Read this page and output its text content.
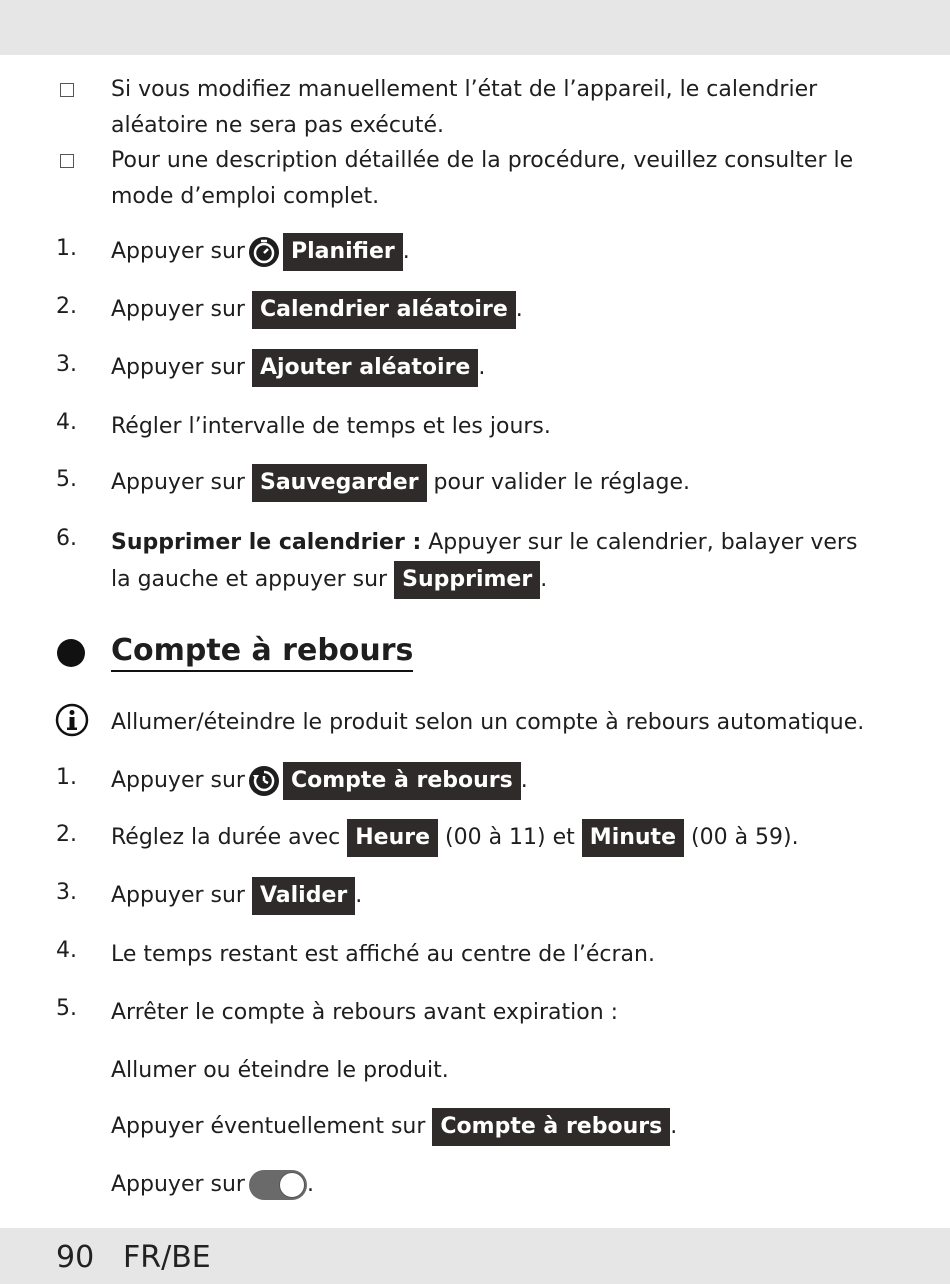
Si vous modifiez manuellement l’état de l’appareil, le calendrier aléatoire ne sera pas exécuté.
Pour une description détaillée de la procédure, veuillez consulter le mode d’emploi complet.
1. Appuyer sur Planifier .
2. Appuyer sur Calendrier aléatoire .
3. Appuyer sur Ajouter aléatoire .
4. Régler l’intervalle de temps et les jours.
5. Appuyer sur Sauvegarder pour valider le réglage.
6. Supprimer le calendrier : Appuyer sur le calendrier, balayer vers
la gauche et appuyer sur Supprimer .
Compte à rebours
Allumer/éteindre le produit selon un compte à rebours automatique.
1. Appuyer sur Compte à rebours .
2. Réglez la durée avec Heure (00 à 11) et Minute (00 à 59).
3. Appuyer sur Valider .
4. Le temps restant est affiché au centre de l’écran.
5. Arrêter le compte à rebours avant expiration :
Allumer ou éteindre le produit.
Appuyer éventuellement sur Compte à rebours .
Appuyer sur	.
90 FR/BE
